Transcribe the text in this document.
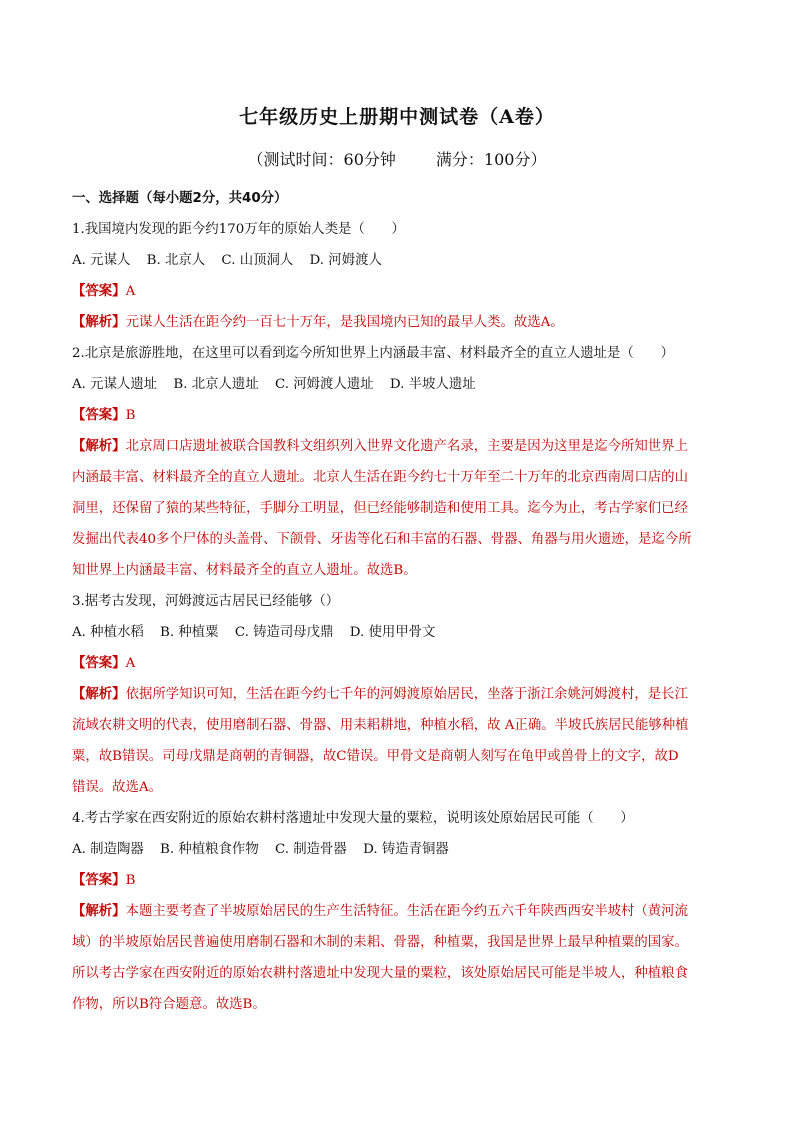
七年级历史上册期中测试卷（A卷）
（测试时间：60分钟	满分：100分）
一、选择题（每小题2分，共40分）
1.我国境内发现的距今约170万年的原始人类是（　　）
A. 元谋人 B. 北京人 C. 山顶洞人 D. 河姆渡人
【答案】A
【解析】元谋人生活在距今约一百七十万年，是我国境内已知的最早人类。故选A。
2.北京是旅游胜地，在这里可以看到迄今所知世界上内涵最丰富、材料最齐全的直立人遗址是（　　）
A. 元谋人遗址 B. 北京人遗址 C. 河姆渡人遗址 D. 半坡人遗址
【答案】B
【解析】北京周口店遗址被联合国教科文组织列入世界文化遗产名录，主要是因为这里是迄今所知世界上
内涵最丰富、材料最齐全的直立人遗址。北京人生活在距今约七十万年至二十万年的北京西南周口店的山
洞里，还保留了猿的某些特征，手脚分工明显，但已经能够制造和使用工具。迄今为止，考古学家们已经
发掘出代表40多个尸体的头盖骨、下颌骨、牙齿等化石和丰富的石器、骨器、角器与用火遗迹，是迄今所
知世界上内涵最丰富、材料最齐全的直立人遗址。故选B。
3.据考古发现，河姆渡远古居民已经能够（）
A. 种植水稻 B. 种植粟 C. 铸造司母戊鼎 D. 使用甲骨文
【答案】A
【解析】依据所学知识可知，生活在距今约七千年的河姆渡原始居民，坐落于浙江余姚河姆渡村，是长江
流域农耕文明的代表，使用磨制石器、骨器、用耒耜耕地，种植水稻，故 A正确。半坡氏族居民能够种植
粟，故B错误。司母戊鼎是商朝的青铜器，故C错误。甲骨文是商朝人刻写在龟甲或兽骨上的文字，故D
错误。故选A。
4.考古学家在西安附近的原始农耕村落遗址中发现大量的粟粒，说明该处原始居民可能（　　）
A. 制造陶器 B. 种植粮食作物 C. 制造骨器 D. 铸造青铜器
【答案】B
【解析】本题主要考查了半坡原始居民的生产生活特征。生活在距今约五六千年陕西西安半坡村（黄河流
域）的半坡原始居民普遍使用磨制石器和木制的耒耜、骨器，种植粟，我国是世界上最早种植粟的国家。
所以考古学家在西安附近的原始农耕村落遗址中发现大量的粟粒，该处原始居民可能是半坡人，种植粮食
作物，所以B符合题意。故选B。
